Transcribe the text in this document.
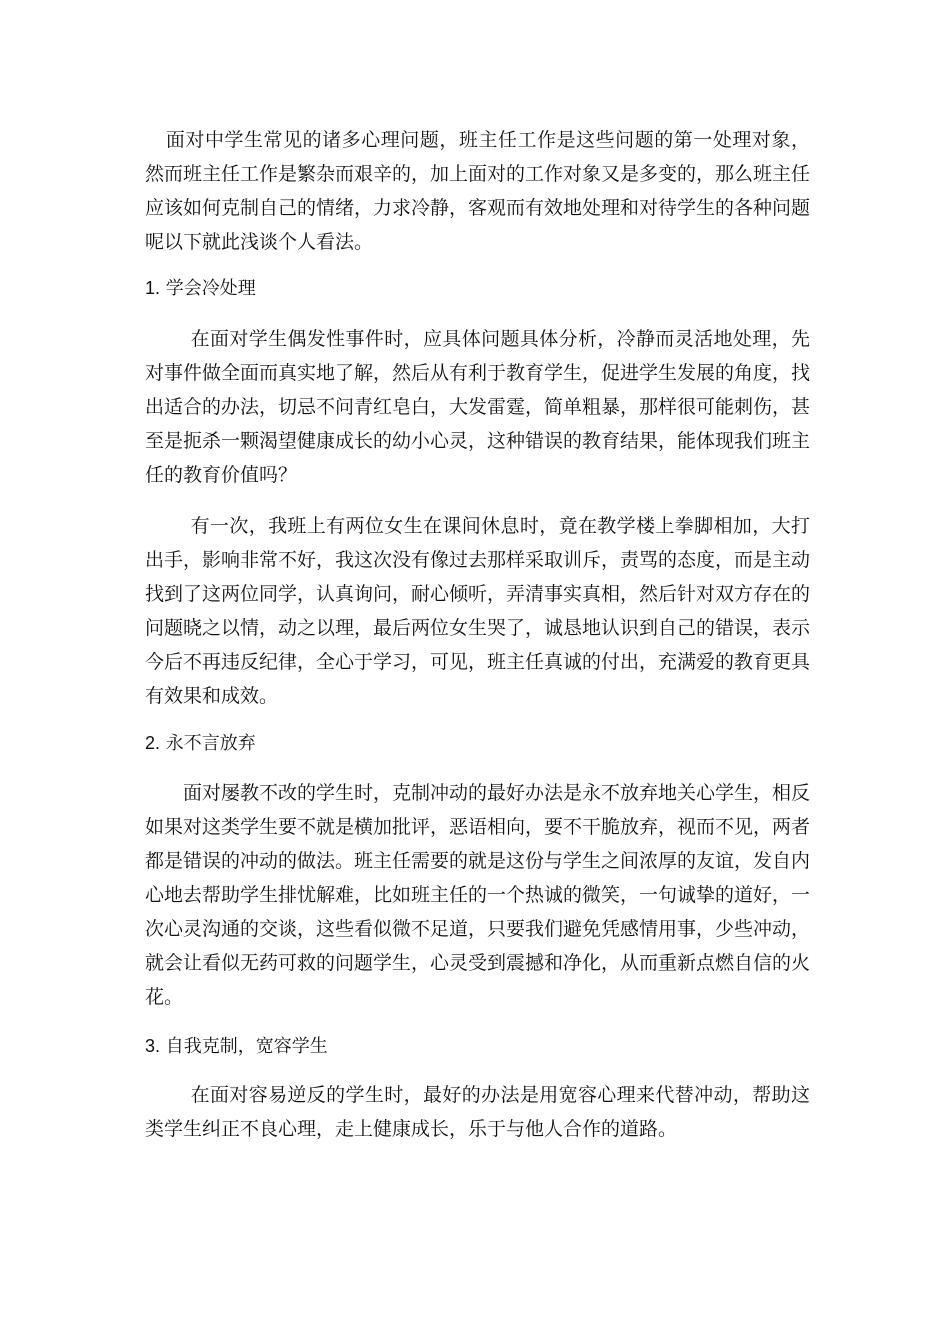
面对中学生常见的诸多心理问题，班主任工作是这些问题的第一处理对象，然而班主任工作是繁杂而艰辛的，加上面对的工作对象又是多变的，那么班主任应该如何克制自己的情绪，力求冷静，客观而有效地处理和对待学生的各种问题呢以下就此浅谈个人看法。

1. 学会冷处理

在面对学生偶发性事件时，应具体问题具体分析，冷静而灵活地处理，先对事件做全面而真实地了解，然后从有利于教育学生，促进学生发展的角度，找出适合的办法，切忌不问青红皂白，大发雷霆，简单粗暴，那样很可能刺伤，甚至是扼杀一颗渴望健康成长的幼小心灵，这种错误的教育结果，能体现我们班主任的教育价值吗？

有一次，我班上有两位女生在课间休息时，竟在教学楼上拳脚相加，大打出手，影响非常不好，我这次没有像过去那样采取训斥，责骂的态度，而是主动找到了这两位同学，认真询问，耐心倾听，弄清事实真相，然后针对双方存在的问题晓之以情，动之以理，最后两位女生哭了，诚恳地认识到自己的错误，表示今后不再违反纪律，全心于学习，可见，班主任真诚的付出，充满爱的教育更具有效果和成效。

2. 永不言放弃

面对屡教不改的学生时，克制冲动的最好办法是永不放弃地关心学生，相反如果对这类学生要不就是横加批评，恶语相向，要不干脆放弃，视而不见，两者都是错误的冲动的做法。班主任需要的就是这份与学生之间浓厚的友谊，发自内心地去帮助学生排忧解难，比如班主任的一个热诚的微笑，一句诚挚的道好，一次心灵沟通的交谈，这些看似微不足道，只要我们避免凭感情用事，少些冲动，就会让看似无药可救的问题学生，心灵受到震撼和净化，从而重新点燃自信的火花。

3. 自我克制，宽容学生

在面对容易逆反的学生时，最好的办法是用宽容心理来代替冲动，帮助这类学生纠正不良心理，走上健康成长，乐于与他人合作的道路。
